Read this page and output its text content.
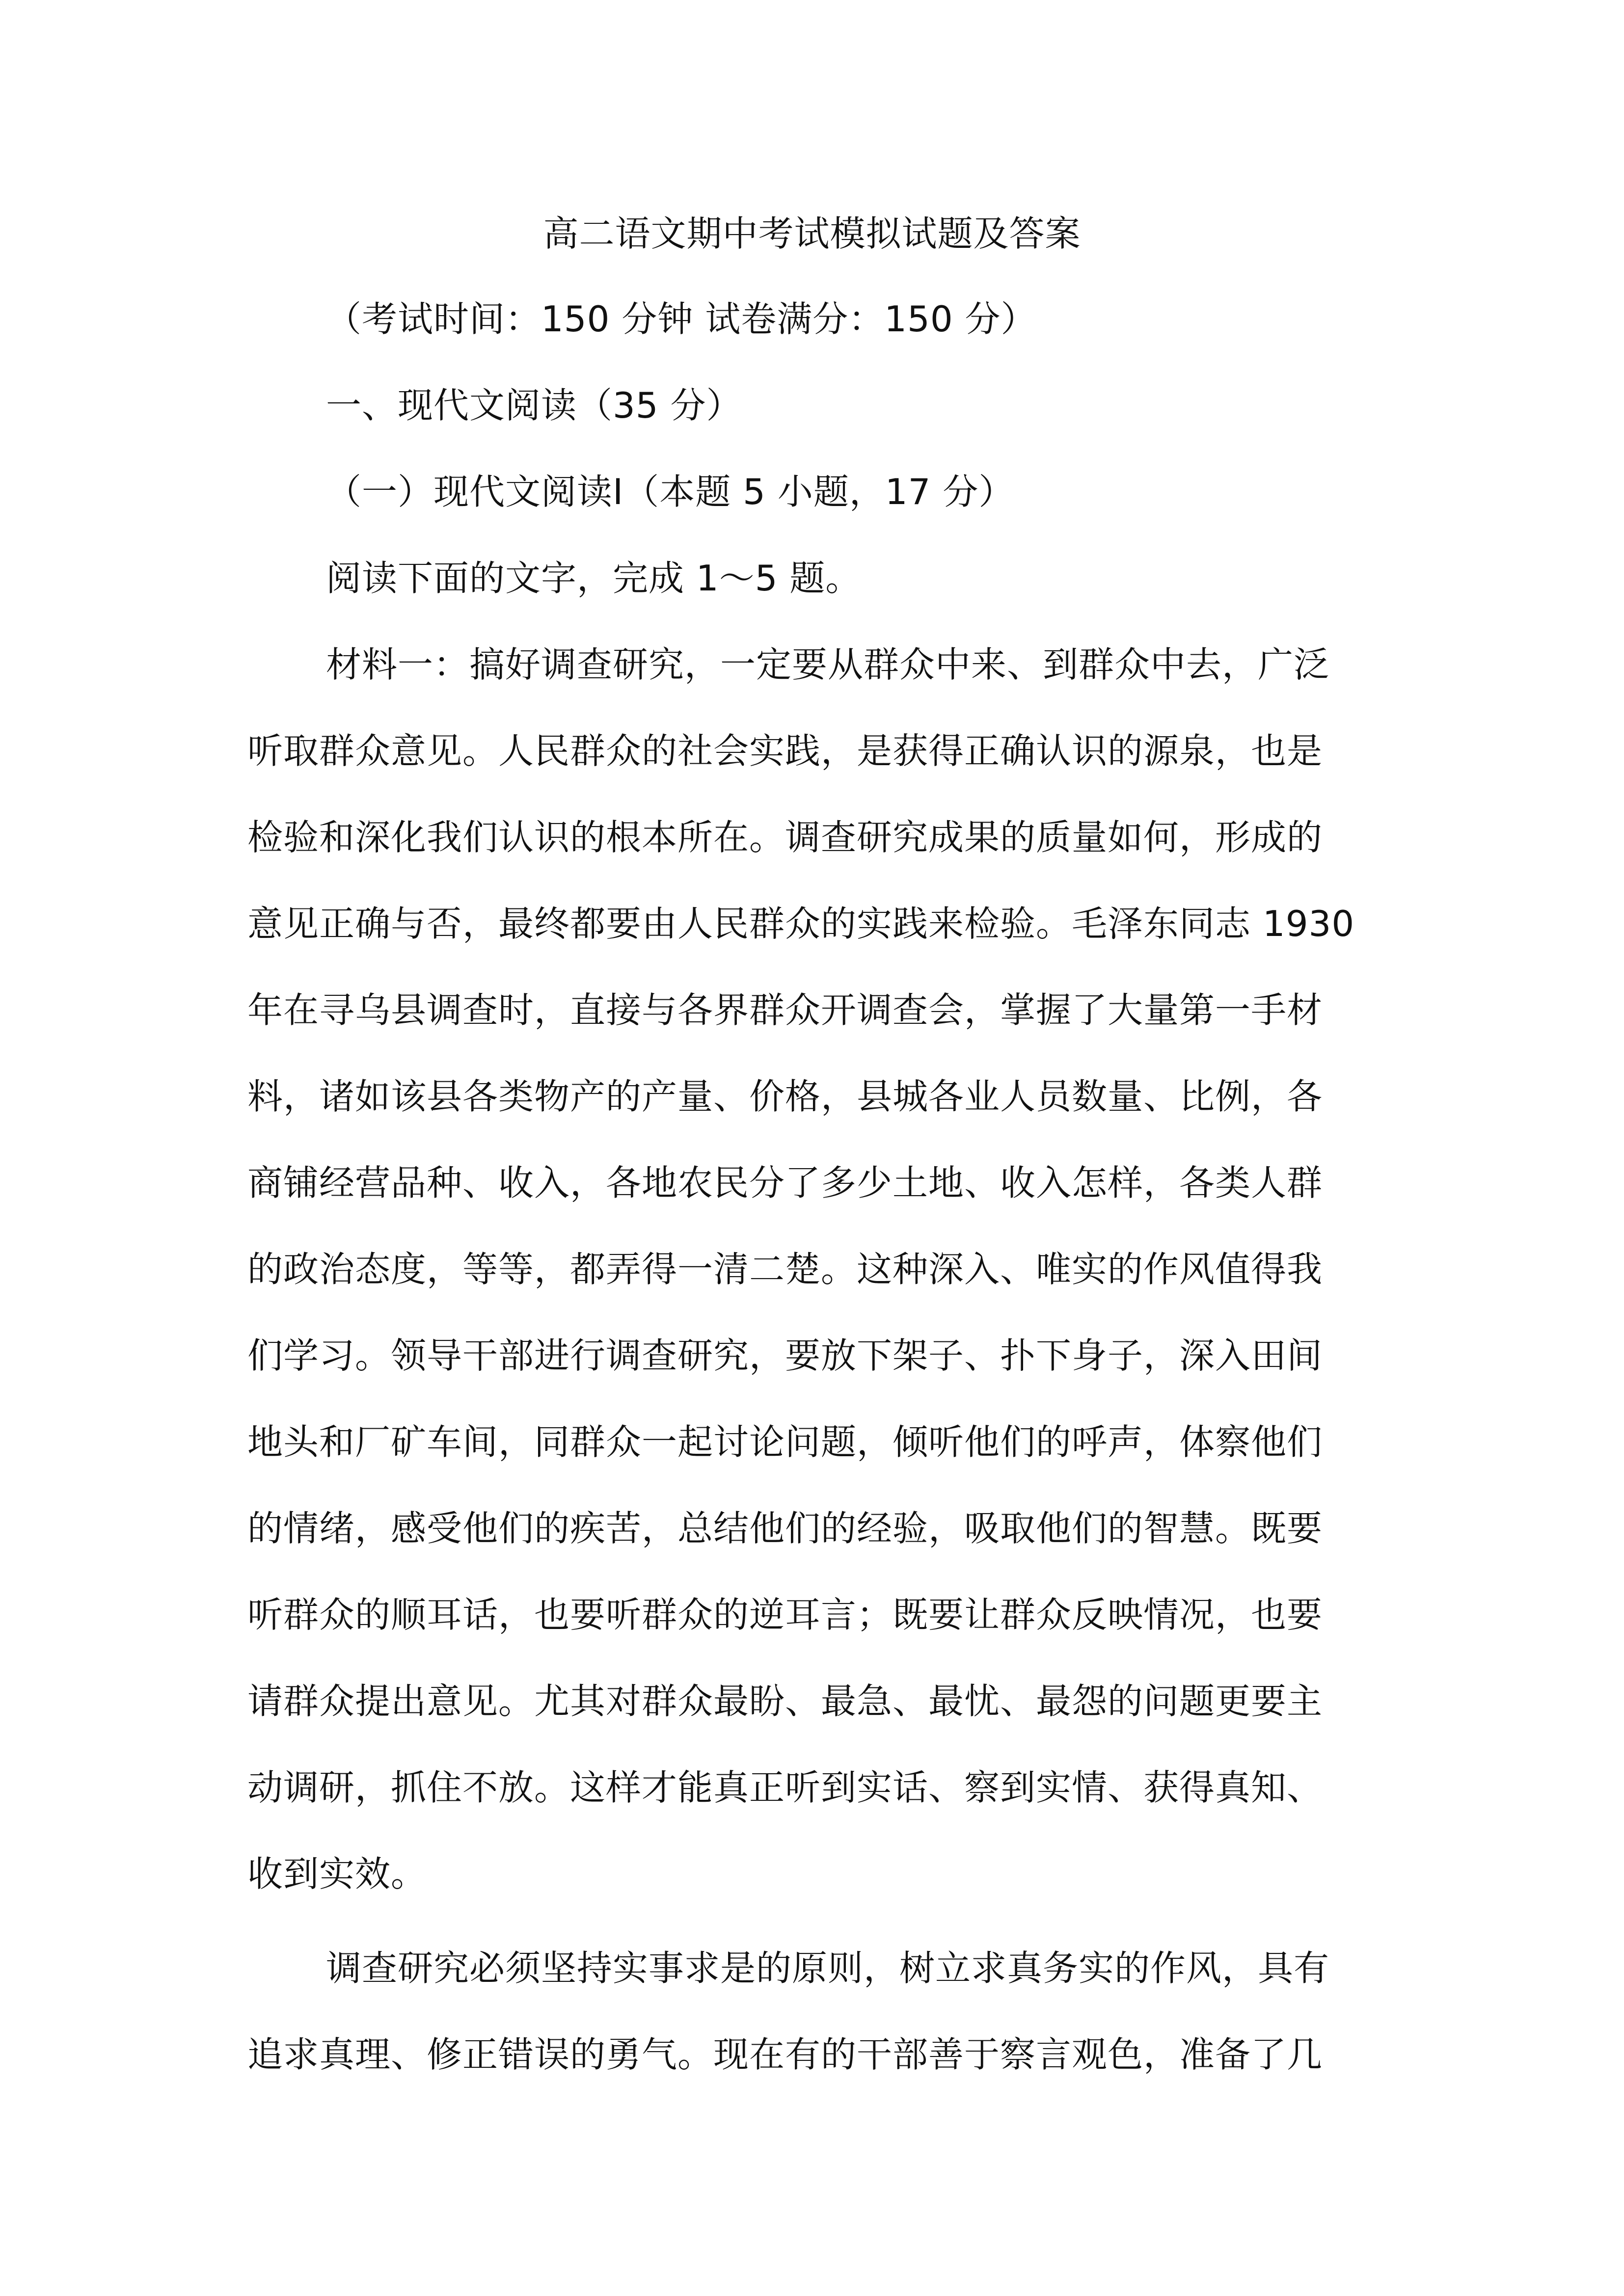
高二语文期中考试模拟试题及答案
（考试时间：150 分钟 试卷满分：150 分）
一、现代文阅读（35 分）
（一）现代文阅读Ⅰ（本题 5 小题，17 分）
阅读下面的文字，完成 1～5 题。
材料一：搞好调查研究，一定要从群众中来、到群众中去，广泛
听取群众意见。人民群众的社会实践，是获得正确认识的源泉，也是
检验和深化我们认识的根本所在。调查研究成果的质量如何，形成的
意见正确与否，最终都要由人民群众的实践来检验。毛泽东同志 1930
年在寻乌县调查时，直接与各界群众开调查会，掌握了大量第一手材
料，诸如该县各类物产的产量、价格，县城各业人员数量、比例，各
商铺经营品种、收入，各地农民分了多少土地、收入怎样，各类人群
的政治态度，等等，都弄得一清二楚。这种深入、唯实的作风值得我
们学习。领导干部进行调查研究，要放下架子、扑下身子，深入田间
地头和厂矿车间，同群众一起讨论问题，倾听他们的呼声，体察他们
的情绪，感受他们的疾苦，总结他们的经验，吸取他们的智慧。既要
听群众的顺耳话，也要听群众的逆耳言；既要让群众反映情况，也要
请群众提出意见。尤其对群众最盼、最急、最忧、最怨的问题更要主
动调研，抓住不放。这样才能真正听到实话、察到实情、获得真知、
收到实效。
调查研究必须坚持实事求是的原则，树立求真务实的作风，具有
追求真理、修正错误的勇气。现在有的干部善于察言观色，准备了几
